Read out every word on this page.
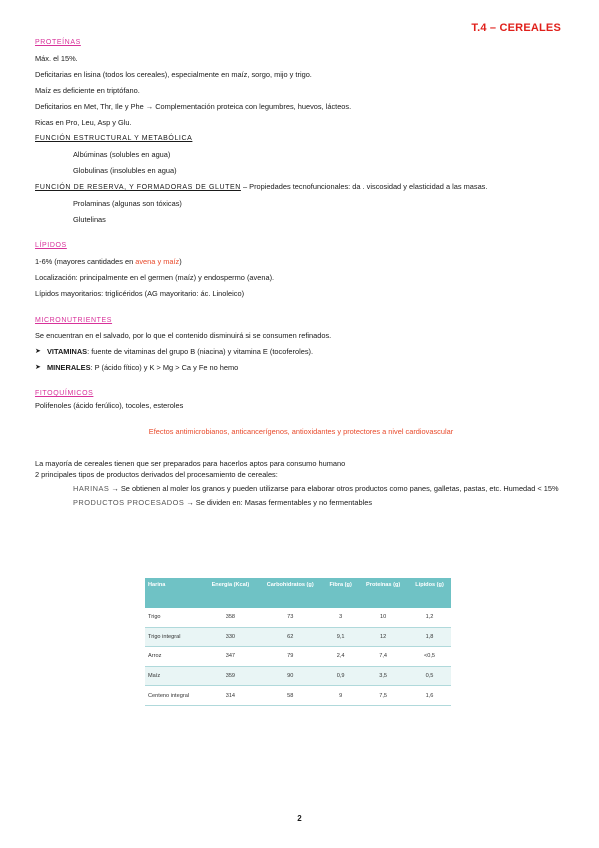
T.4 – CEREALES
PROTEÍNAS
Máx. el 15%.
Deficitarias en lisina (todos los cereales), especialmente en maíz, sorgo, mijo y trigo.
Maíz es deficiente en triptófano.
Deficitarios en Met, Thr, Ile y Phe → Complementación proteica con legumbres, huevos, lácteos.
Ricas en Pro, Leu, Asp y Glu.
FUNCIÓN ESTRUCTURAL Y METABÓLICA
Albúminas (solubles en agua)
Globulinas (insolubles en agua)
FUNCIÓN DE RESERVA, Y FORMADORAS DE GLUTEN – Propiedades tecnofuncionales: da . viscosidad y elasticidad a las masas.
Prolaminas (algunas son tóxicas)
Glutelinas
LÍPIDOS
1-6% (mayores cantidades en avena y maíz)
Localización: principalmente en el germen (maíz) y endospermo (avena).
Lípidos mayoritarios: triglicéridos (AG mayoritario: ác. Linoleico)
MICRONUTRIENTES
Se encuentran en el salvado, por lo que el contenido disminuirá si se consumen refinados.
➤ VITAMINAS: fuente de vitaminas del grupo B (niacina) y vitamina E (tocoferoles).
➤ MINERALES: P (ácido fítico) y K > Mg > Ca y Fe no hemo
FITOQUÍMICOS
Polifenoles (ácido ferúlico), tocoles, esteroles
Efectos antimicrobianos, anticancerígenos, antioxidantes y protectores a nivel cardiovascular
La mayoría de cereales tienen que ser preparados para hacerlos aptos para consumo humano
2 principales tipos de productos derivados del procesamiento de cereales:
HARINAS → Se obtienen al moler los granos y pueden utilizarse para elaborar otros productos como panes, galletas, pastas, etc. Humedad < 15%
PRODUCTOS PROCESADOS → Se dividen en: Masas fermentables y no fermentables
Harina	Energía (Kcal)	Carbohidratos (g)	Fibra (g)	Proteínas (g)	Lípidos (g)
Trigo	358	73	3	10	1,2
Trigo integral	330	62	9,1	12	1,8
Arroz	347	79	2,4	7,4	<0,5
Maíz	359	90	0,9	3,5	0,5
Centeno integral	314	58	9	7,5	1,6
2
